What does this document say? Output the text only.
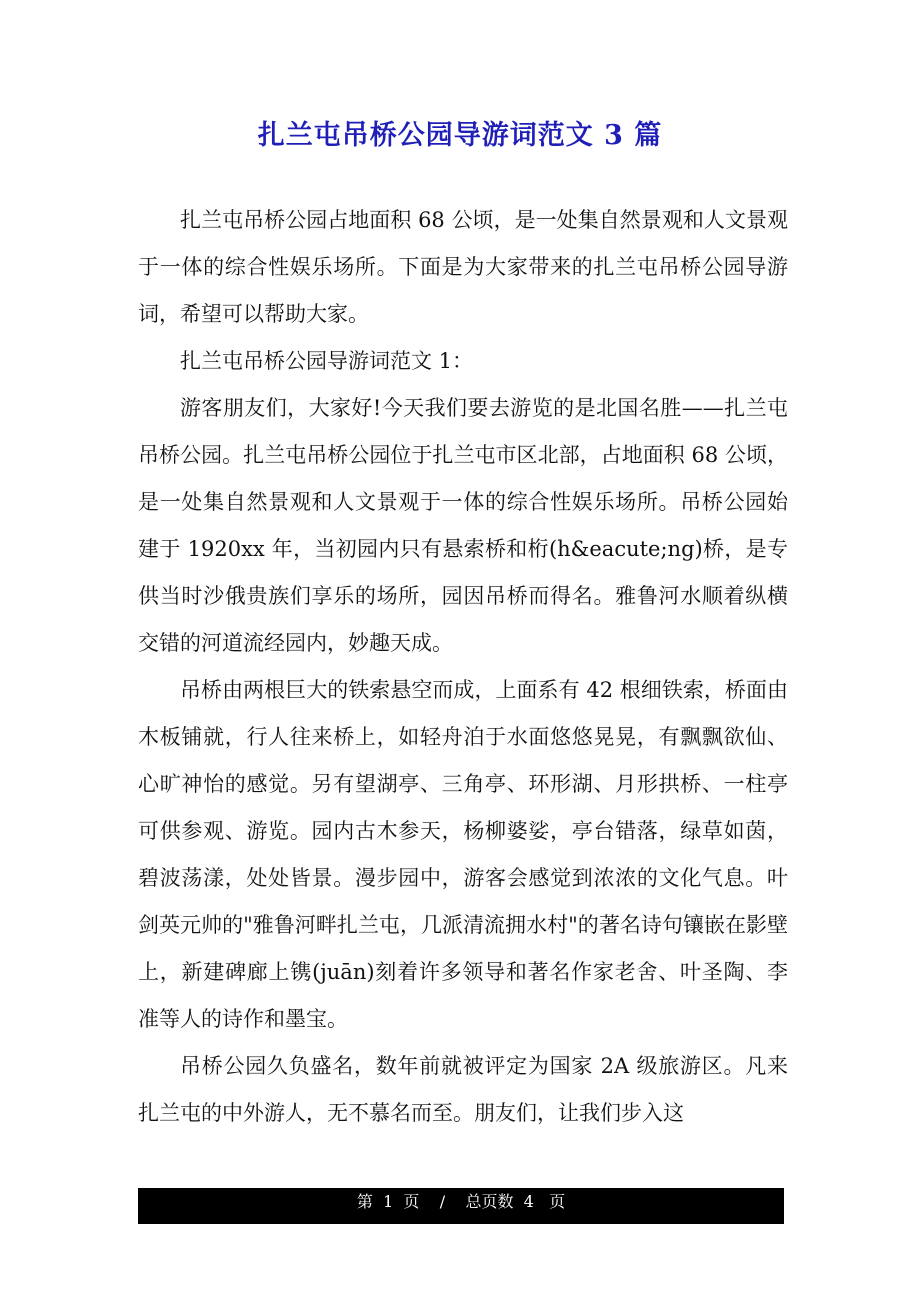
扎兰屯吊桥公园导游词范文 3 篇

扎兰屯吊桥公园占地面积 68 公顷，是一处集自然景观和人文景观于一体的综合性娱乐场所。下面是为大家带来的扎兰屯吊桥公园导游词，希望可以帮助大家。

扎兰屯吊桥公园导游词范文 1：

游客朋友们，大家好!今天我们要去游览的是北国名胜——扎兰屯吊桥公园。扎兰屯吊桥公园位于扎兰屯市区北部，占地面积 68 公顷，是一处集自然景观和人文景观于一体的综合性娱乐场所。吊桥公园始建于 1920xx 年，当初园内只有悬索桥和桁(h&eacute;ng)桥，是专供当时沙俄贵族们享乐的场所，园因吊桥而得名。雅鲁河水顺着纵横交错的河道流经园内，妙趣天成。

吊桥由两根巨大的铁索悬空而成，上面系有 42 根细铁索，桥面由木板铺就，行人往来桥上，如轻舟泊于水面悠悠晃晃，有飘飘欲仙、心旷神怡的感觉。另有望湖亭、三角亭、环形湖、月形拱桥、一柱亭可供参观、游览。园内古木参天，杨柳婆娑，亭台错落，绿草如茵，碧波荡漾，处处皆景。漫步园中，游客会感觉到浓浓的文化气息。叶剑英元帅的"雅鲁河畔扎兰屯，几派清流拥水村"的著名诗句镶嵌在影壁上，新建碑廊上镌(juān)刻着许多领导和著名作家老舍、叶圣陶、李准等人的诗作和墨宝。

吊桥公园久负盛名，数年前就被评定为国家 2A 级旅游区。凡来扎兰屯的中外游人，无不慕名而至。朋友们，让我们步入这

第  1  页    /    总页数  4   页
